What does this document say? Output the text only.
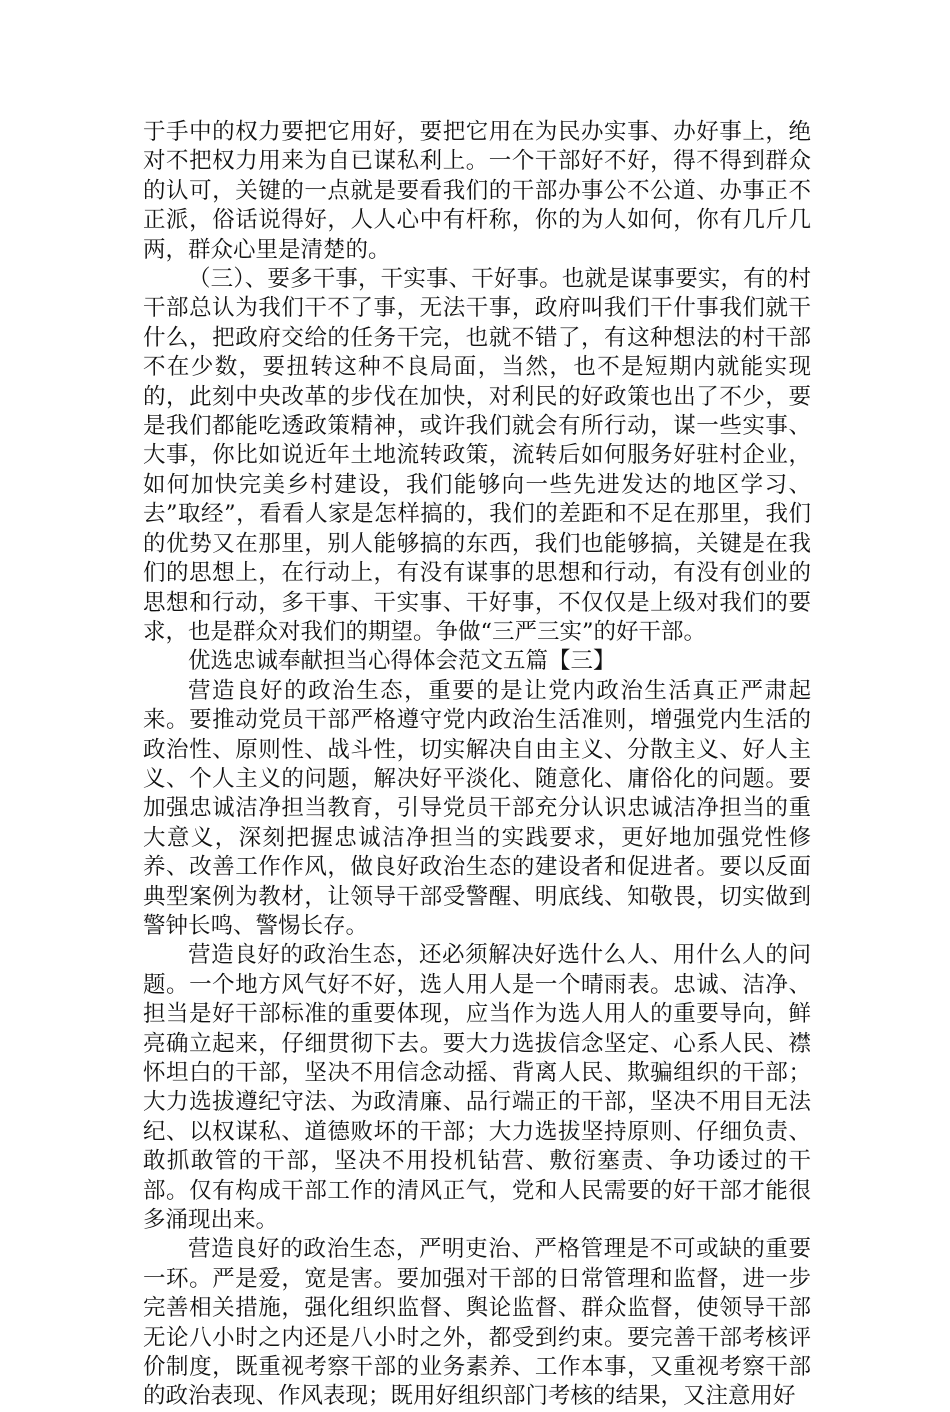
于手中的权力要把它用好，要把它用在为民办实事、办好事上，绝对不把权力用来为自已谋私利上。一个干部好不好，得不得到群众的认可，关键的一点就是要看我们的干部办事公不公道、办事正不正派，俗话说得好，人人心中有杆称，你的为人如何，你有几斤几两，群众心里是清楚的。

（三）、要多干事，干实事、干好事。也就是谋事要实，有的村干部总认为我们干不了事，无法干事，政府叫我们干什事我们就干什么，把政府交给的任务干完，也就不错了，有这种想法的村干部不在少数，要扭转这种不良局面，当然，也不是短期内就能实现的，此刻中央改革的步伐在加快，对利民的好政策也出了不少，要是我们都能吃透政策精神，或许我们就会有所行动，谋一些实事、大事，你比如说近年土地流转政策，流转后如何服务好驻村企业，如何加快完美乡村建设，我们能够向一些先进发达的地区学习、去”取经”，看看人家是怎样搞的，我们的差距和不足在那里，我们的优势又在那里，别人能够搞的东西，我们也能够搞，关键是在我们的思想上，在行动上，有没有谋事的思想和行动，有没有创业的思想和行动，多干事、干实事、干好事，不仅仅是上级对我们的要求，也是群众对我们的期望。争做“三严三实”的好干部。

优选忠诚奉献担当心得体会范文五篇【三】

营造良好的政治生态，重要的是让党内政治生活真正严肃起来。要推动党员干部严格遵守党内政治生活准则，增强党内生活的政治性、原则性、战斗性，切实解决自由主义、分散主义、好人主义、个人主义的问题，解决好平淡化、随意化、庸俗化的问题。要加强忠诚洁净担当教育，引导党员干部充分认识忠诚洁净担当的重大意义，深刻把握忠诚洁净担当的实践要求，更好地加强党性修养、改善工作作风，做良好政治生态的建设者和促进者。要以反面典型案例为教材，让领导干部受警醒、明底线、知敬畏，切实做到警钟长鸣、警惕长存。

营造良好的政治生态，还必须解决好选什么人、用什么人的问题。一个地方风气好不好，选人用人是一个晴雨表。忠诚、洁净、担当是好干部标准的重要体现，应当作为选人用人的重要导向，鲜亮确立起来，仔细贯彻下去。要大力选拔信念坚定、心系人民、襟怀坦白的干部，坚决不用信念动摇、背离人民、欺骗组织的干部；大力选拔遵纪守法、为政清廉、品行端正的干部，坚决不用目无法纪、以权谋私、道德败坏的干部；大力选拔坚持原则、仔细负责、敢抓敢管的干部，坚决不用投机钻营、敷衍塞责、争功诿过的干部。仅有构成干部工作的清风正气，党和人民需要的好干部才能很多涌现出来。

营造良好的政治生态，严明吏治、严格管理是不可或缺的重要一环。严是爱，宽是害。要加强对干部的日常管理和监督，进一步完善相关措施，强化组织监督、舆论监督、群众监督，使领导干部无论八小时之内还是八小时之外，都受到约束。要完善干部考核评价制度，既重视考察干部的业务素养、工作本事，又重视考察干部的政治表现、作风表现；既用好组织部门考核的结果，又注意用好
